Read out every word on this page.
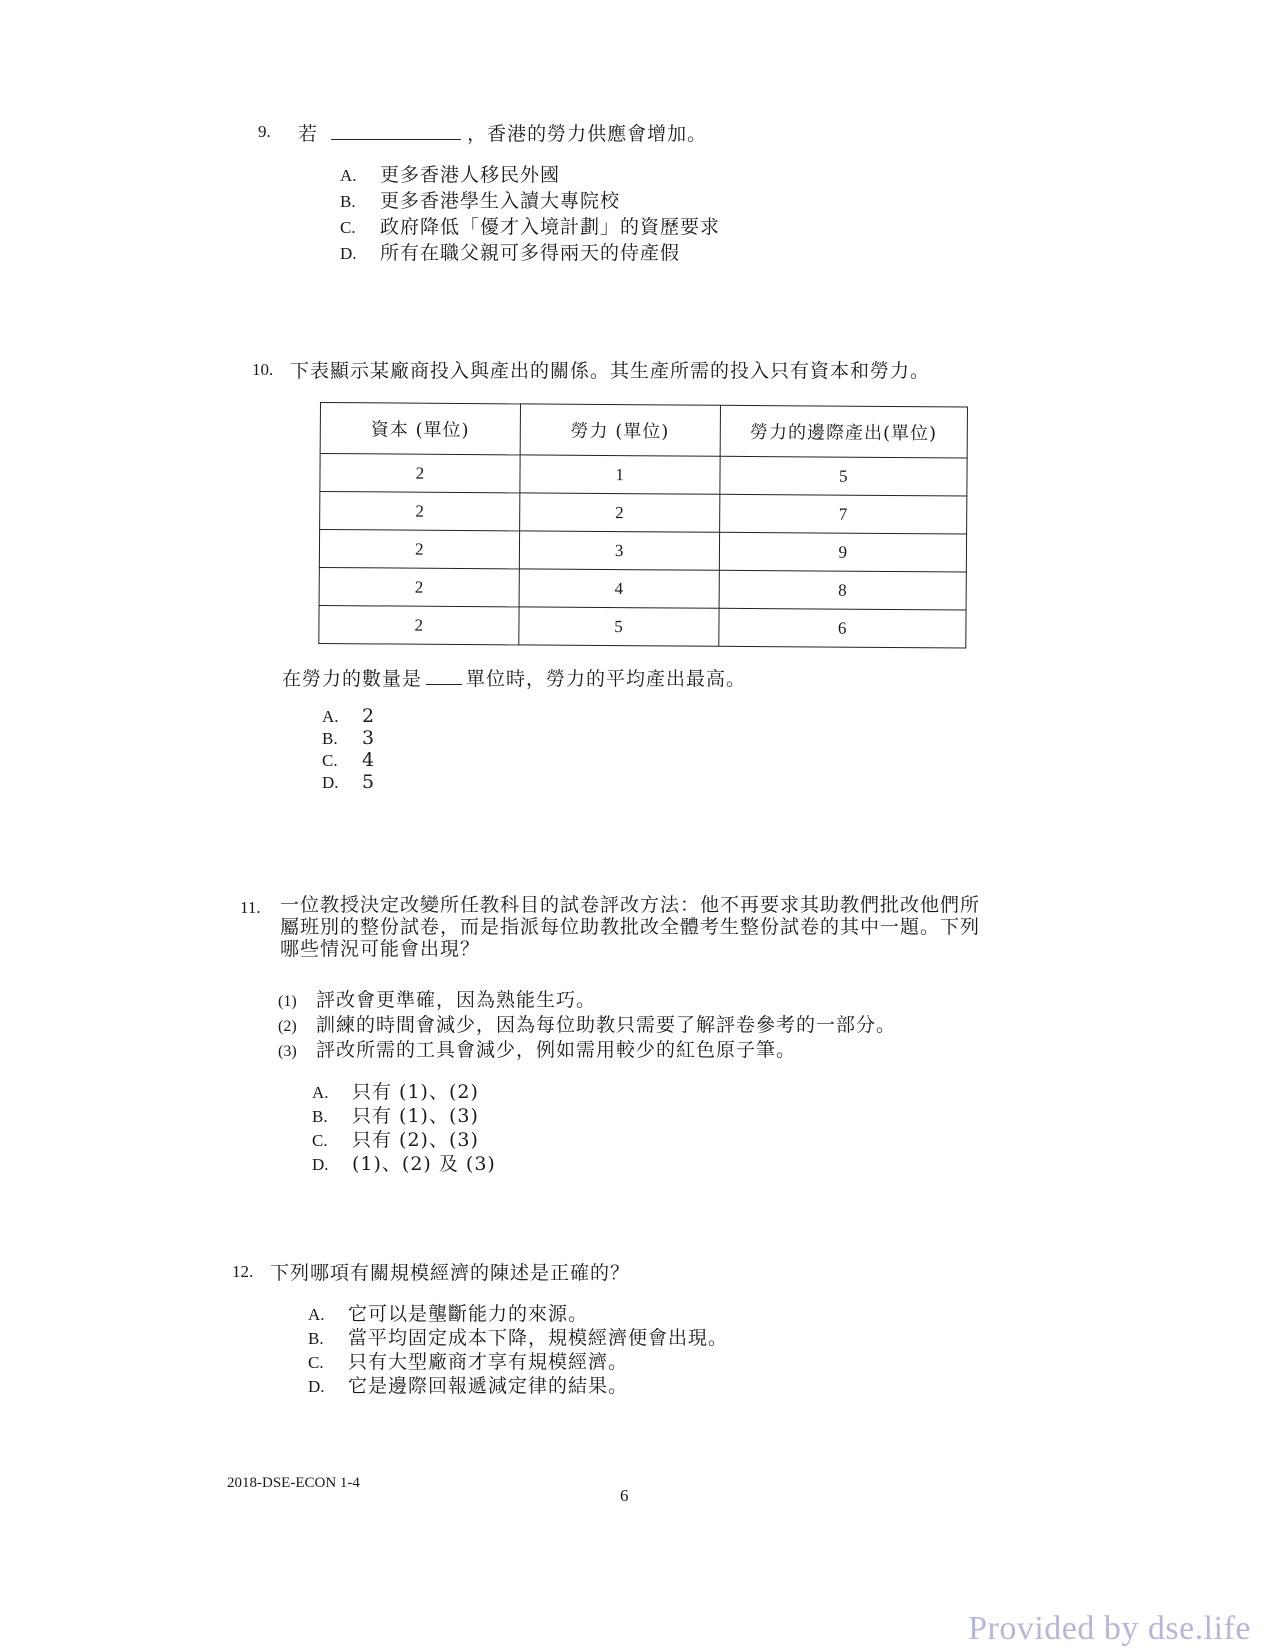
9. 若	，香港的勞力供應會增加。
A. 更多香港人移民外國
B. 更多香港學生入讀大專院校
C. 政府降低「優才入境計劃」的資歷要求
D. 所有在職父親可多得兩天的侍產假
10. 下表顯示某廠商投入與產出的關係。其生產所需的投入只有資本和勞力。
資本 (單位)	勞力 (單位)	勞力的邊際產出(單位)
2	1	5
2	2	7
2	3	9
2	4	8
2	5	6
在勞力的數量是 單位時，勞力的平均產出最高。
A. 2
B. 3
C. 4
D. 5
11. 一位教授決定改變所任教科目的試卷評改方法：他不再要求其助教們批改他們所
屬班別的整份試卷，而是指派每位助教批改全體考生整份試卷的其中一題。下列
哪些情況可能會出現？
(1) 評改會更準確，因為熟能生巧。
(2) 訓練的時間會減少，因為每位助教只需要了解評卷參考的一部分。
(3) 評改所需的工具會減少，例如需用較少的紅色原子筆。
A. 只有 (1)、(2)
B. 只有 (1)、(3)
C. 只有 (2)、(3)
D. (1)、(2) 及 (3)
12. 下列哪項有關規模經濟的陳述是正確的？
A. 它可以是壟斷能力的來源。
B. 當平均固定成本下降，規模經濟便會出現。
C. 只有大型廠商才享有規模經濟。
D. 它是邊際回報遞減定律的結果。
2018-DSE-ECON 1-4
6
Provided by dse.life
